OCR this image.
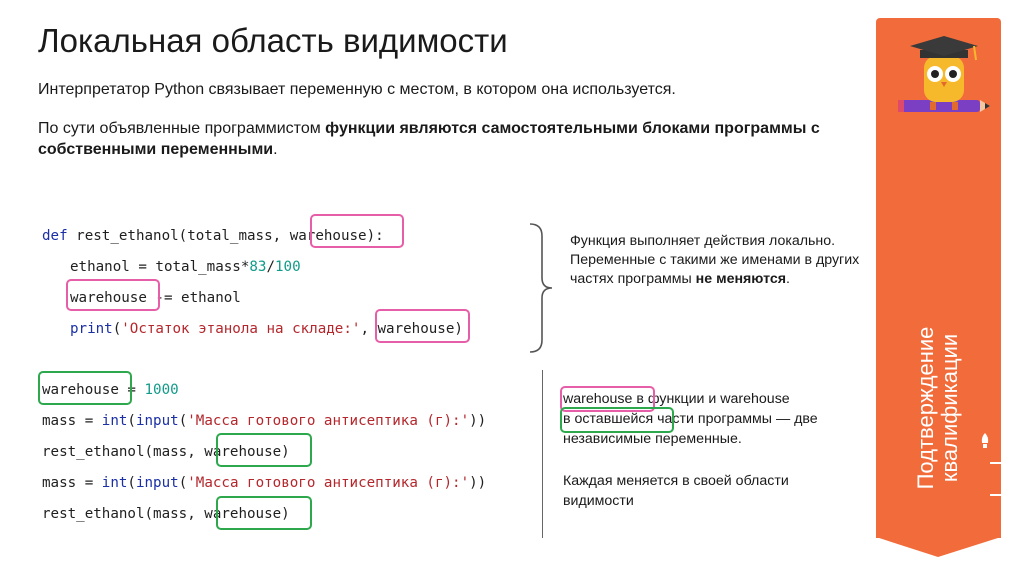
Локальная область видимости
Интерпретатор Python связывает переменную с местом, в котором она используется.
По сути объявленные программистом функции являются самостоятельными блоками программы с собственными переменными.
def rest_ethanol(total_mass, warehouse):
ethanol = total_mass*83/100
warehouse -= ethanol
print('Остаток этанола на складе:', warehouse)
warehouse = 1000
mass = int(input('Масса готового антисептика (г):'))
rest_ethanol(mass, warehouse)
mass = int(input('Масса готового антисептика (г):'))
rest_ethanol(mass, warehouse)
Функция выполняет действия локально. Переменные с такими же именами в других частях программы не меняются.
warehouse в функции и warehouse
в оставшейся части программы — две независимые переменные.
Каждая меняется в своей области видимости
Подтверждение
квалификации
